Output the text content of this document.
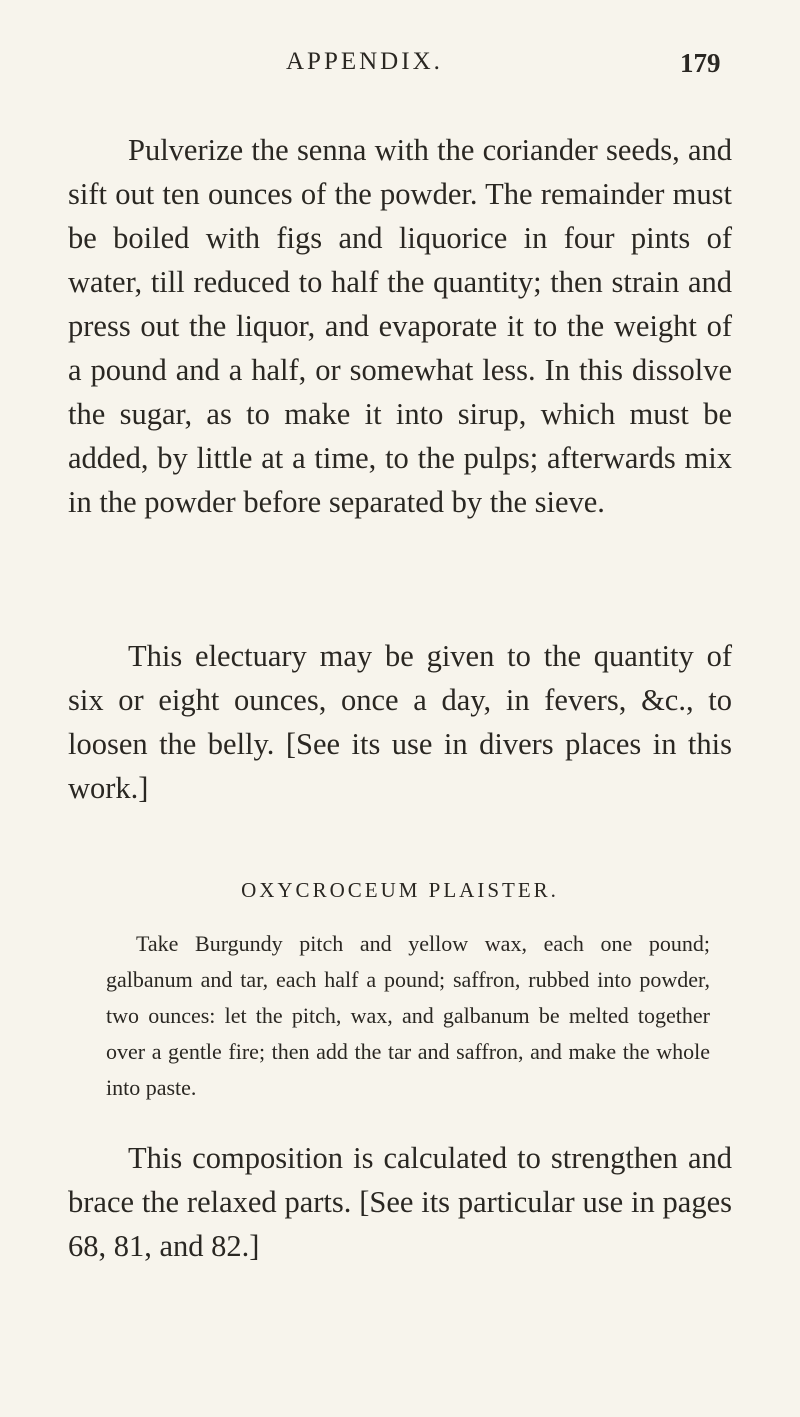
APPENDIX.	179

Pulverize the senna with the coriander seeds, and sift out ten ounces of the powder. The remainder must be boiled with figs and liquorice in four pints of water, till reduced to half the quantity; then strain and press out the liquor, and evaporate it to the weight of a pound and a half, or somewhat less. In this dissolve the sugar, as to make it into sirup, which must be added, by little at a time, to the pulps; afterwards mix in the powder before separated by the sieve.

This electuary may be given to the quantity of six or eight ounces, once a day, in fevers, &c., to loosen the belly. [See its use in divers places in this work.]

OXYCROCEUM PLAISTER.

Take Burgundy pitch and yellow wax, each one pound; galbanum and tar, each half a pound; saffron, rubbed into powder, two ounces: let the pitch, wax, and galbanum be melted together over a gentle fire; then add the tar and saffron, and make the whole into paste.

This composition is calculated to strengthen and brace the relaxed parts. [See its particular use in pages 68, 81, and 82.]
